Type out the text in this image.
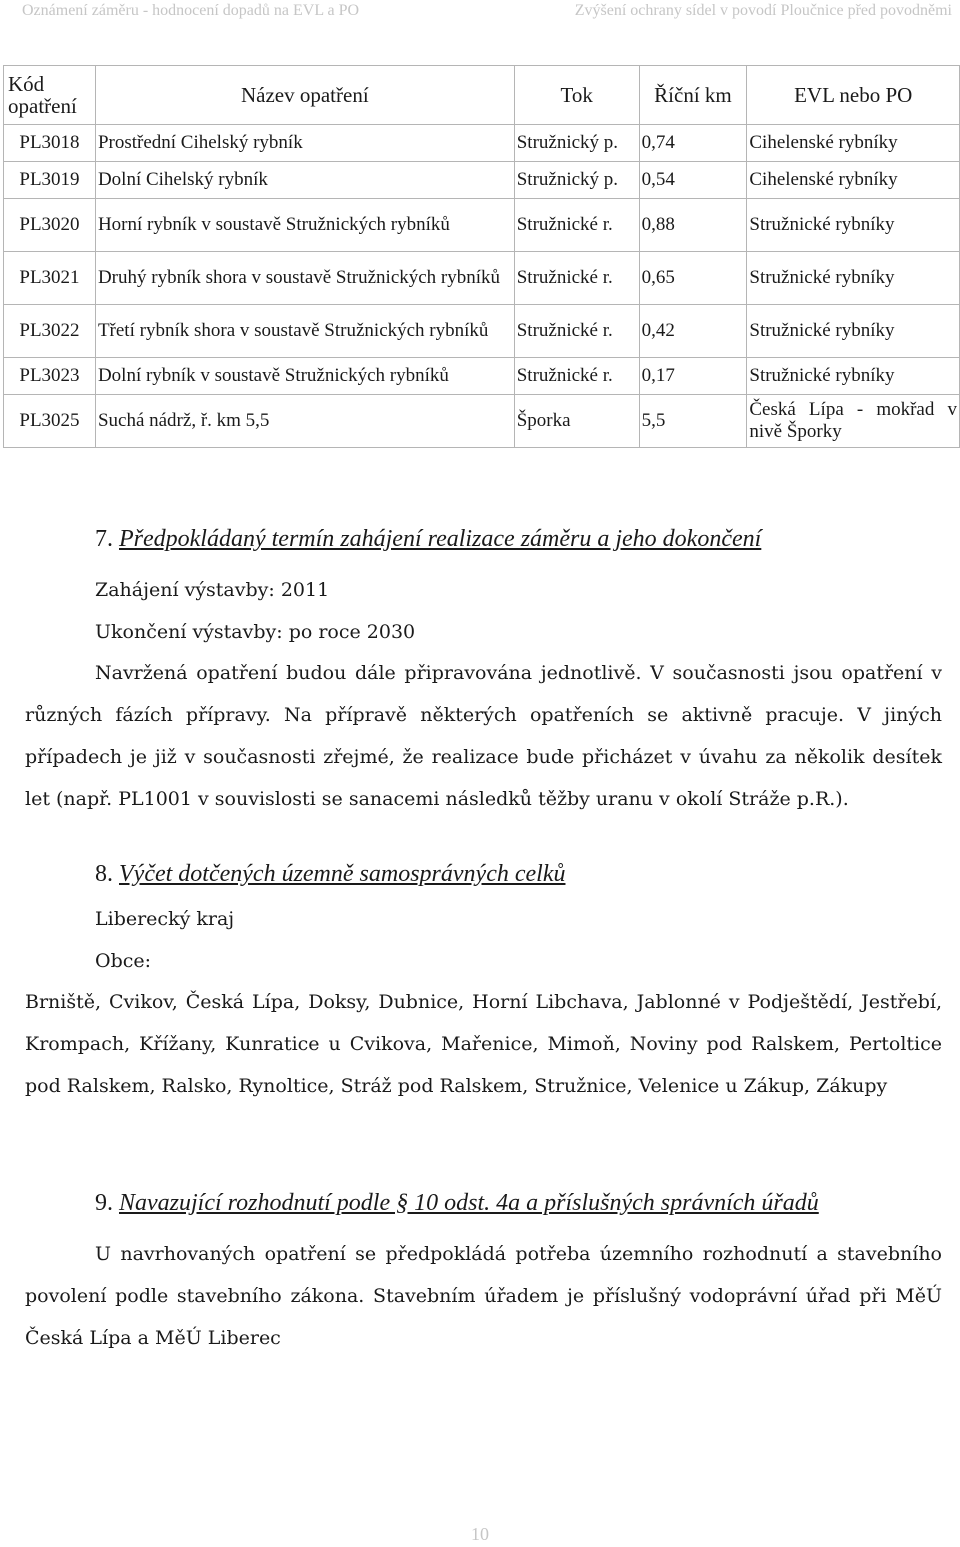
Oznámení záměru - hodnocení dopadů na EVL a PO	Zvýšení ochrany sídel v povodí Ploučnice před povodněmi
Kód opatření	Název opatření	Tok	Říční km	EVL nebo PO
PL3018	Prostřední Cihelský rybník	Stružnický p.	0,74	Cihelenské rybníky
PL3019	Dolní Cihelský rybník	Stružnický p.	0,54	Cihelenské rybníky
PL3020	Horní rybník v soustavě Stružnických rybníků	Stružnické r.	0,88	Stružnické rybníky
PL3021	Druhý rybník shora v soustavě Stružnických rybníků	Stružnické r.	0,65	Stružnické rybníky
PL3022	Třetí rybník shora v soustavě Stružnických rybníků	Stružnické r.	0,42	Stružnické rybníky
PL3023	Dolní rybník v soustavě Stružnických rybníků	Stružnické r.	0,17	Stružnické rybníky
PL3025	Suchá nádrž, ř. km 5,5	Šporka	5,5	Česká Lípa - mokřad v nivě Šporky
7. Předpokládaný termín zahájení realizace záměru a jeho dokončení
Zahájení výstavby: 2011
Ukončení výstavby: po roce 2030
Navržená opatření budou dále připravována jednotlivě. V současnosti jsou opatření v různých fázích přípravy. Na přípravě některých opatřeních se aktivně pracuje. V jiných případech je již v současnosti zřejmé, že realizace bude přicházet v úvahu za několik desítek let (např. PL1001 v souvislosti se sanacemi následků těžby uranu v okolí Stráže p.R.).
8. Výčet dotčených územně samosprávných celků
Liberecký kraj
Obce:
Brniště, Cvikov, Česká Lípa, Doksy, Dubnice, Horní Libchava, Jablonné v Podještědí, Jestřebí, Krompach, Křížany, Kunratice u Cvikova, Mařenice, Mimoň, Noviny pod Ralskem, Pertoltice pod Ralskem, Ralsko, Rynoltice, Stráž pod Ralskem, Stružnice, Velenice u Zákup, Zákupy
9. Navazující rozhodnutí podle § 10 odst. 4a a příslušných správních úřadů
U navrhovaných opatření se předpokládá potřeba územního rozhodnutí a stavebního povolení podle stavebního zákona. Stavebním úřadem je příslušný vodoprávní úřad při MěÚ Česká Lípa a MěÚ Liberec
10
